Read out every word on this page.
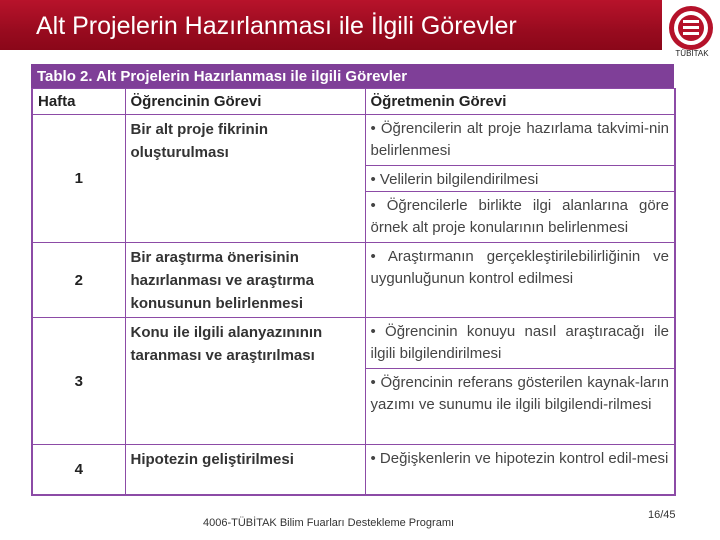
Alt Projelerin Hazırlanması ile İlgili Görevler
TÜBİTAK
Tablo 2. Alt Projelerin Hazırlanması ile ilgili Görevler
Hafta	Öğrencinin Görevi	Öğretmenin Görevi
1	Bir alt proje fikrinin oluşturulması	• Öğrencilerin alt proje hazırlama takvimi-nin belirlenmesi
		• Velilerin bilgilendirilmesi
		• Öğrencilerle birlikte ilgi alanlarına göre örnek alt proje konularının belirlenmesi
2	Bir araştırma önerisinin hazırlanması ve araştırma konusunun belirlenmesi	• Araştırmanın gerçekleştirilebilirliğinin ve uygunluğunun kontrol edilmesi
3	Konu ile ilgili alanyazınının taranması ve araştırılması	• Öğrencinin konuyu nasıl araştıracağı ile ilgili bilgilendirilmesi
		• Öğrencinin referans gösterilen kaynak-ların yazımı ve sunumu ile ilgili bilgilendi-rilmesi
4	Hipotezin geliştirilmesi	• Değişkenlerin ve hipotezin kontrol edil-mesi
4006-TÜBİTAK Bilim Fuarları Destekleme Programı
16/45
